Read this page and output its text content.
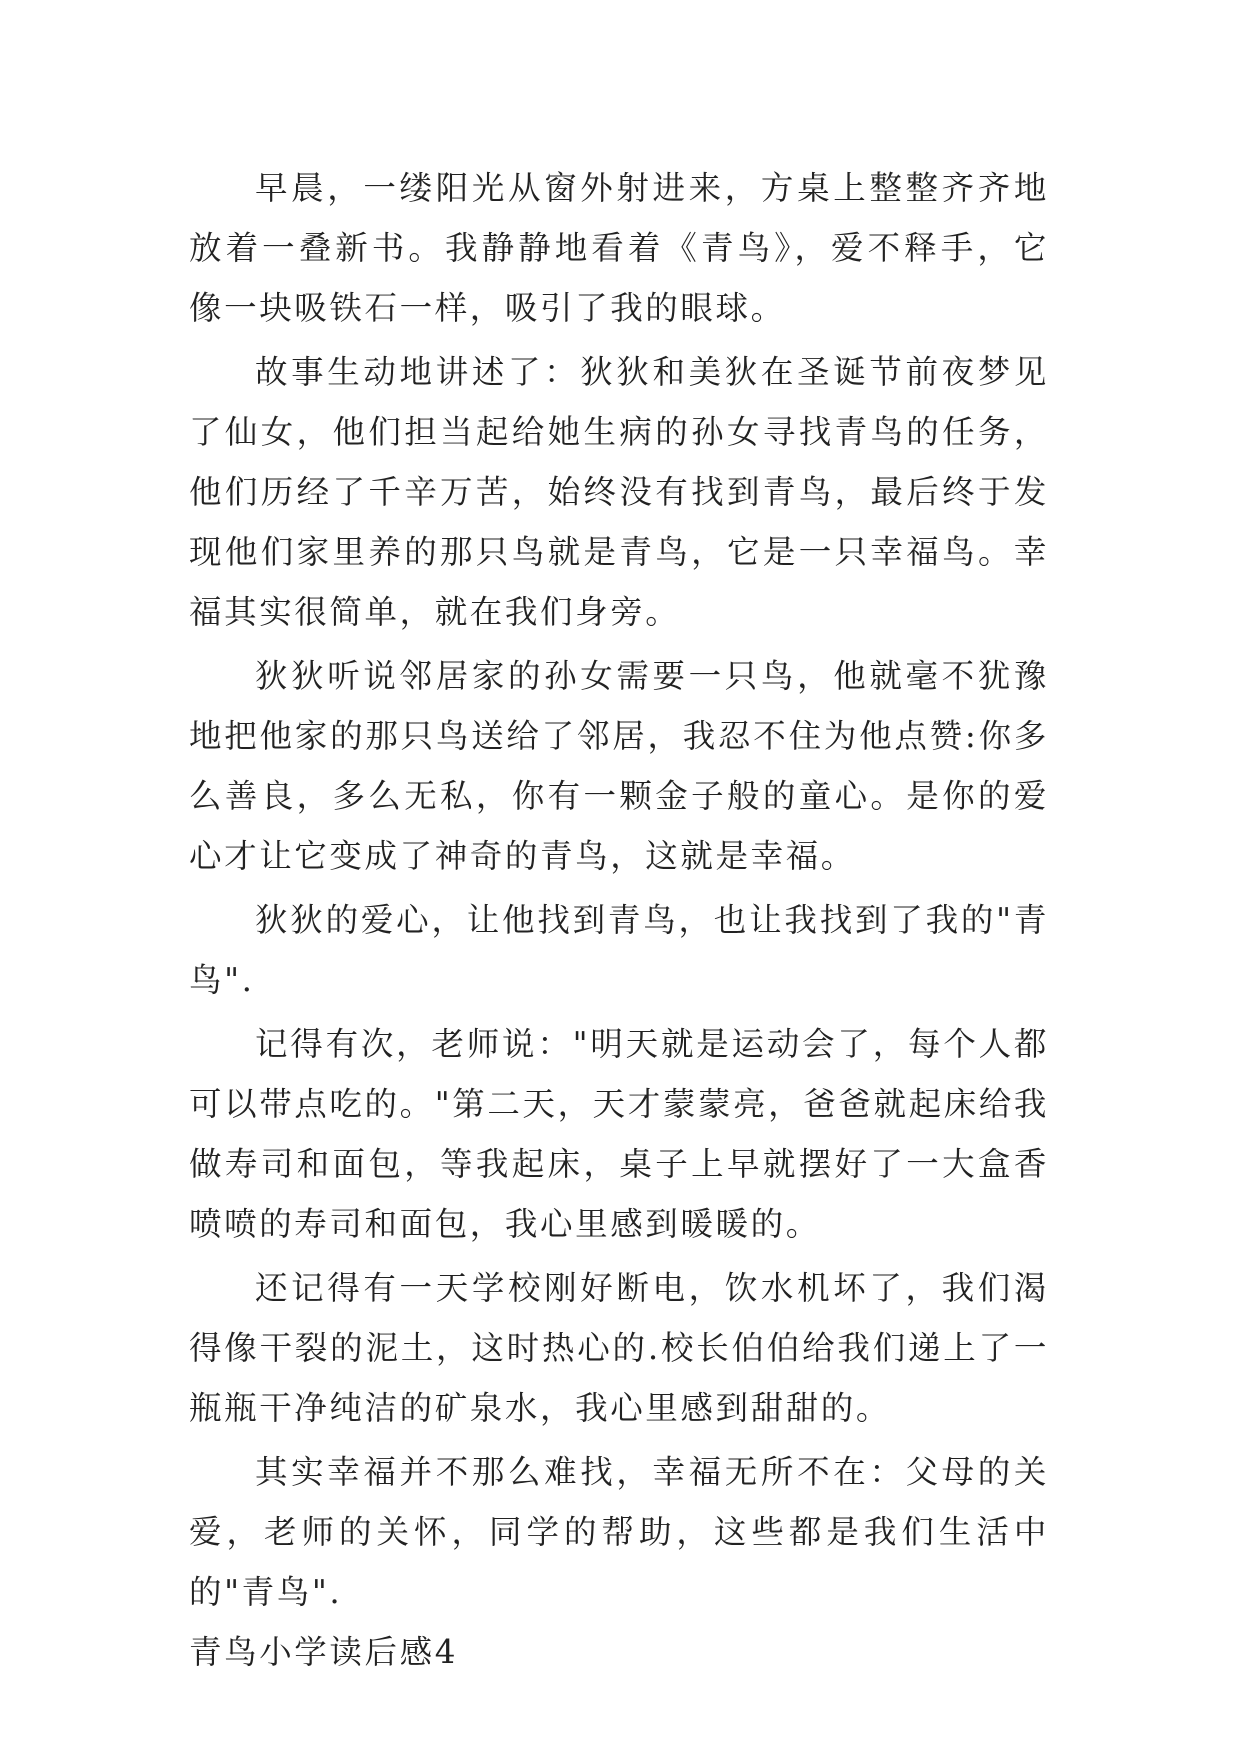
早晨，一缕阳光从窗外射进来，方桌上整整齐齐地放着一叠新书。我静静地看着《青鸟》，爱不释手，它像一块吸铁石一样，吸引了我的眼球。

故事生动地讲述了：狄狄和美狄在圣诞节前夜梦见了仙女，他们担当起给她生病的孙女寻找青鸟的任务，他们历经了千辛万苦，始终没有找到青鸟，最后终于发现他们家里养的那只鸟就是青鸟，它是一只幸福鸟。幸福其实很简单，就在我们身旁。

狄狄听说邻居家的孙女需要一只鸟，他就毫不犹豫地把他家的那只鸟送给了邻居，我忍不住为他点赞:你多么善良，多么无私，你有一颗金子般的童心。是你的爱心才让它变成了神奇的青鸟，这就是幸福。

狄狄的爱心，让他找到青鸟，也让我找到了我的"青鸟".

记得有次，老师说："明天就是运动会了，每个人都可以带点吃的。"第二天，天才蒙蒙亮，爸爸就起床给我做寿司和面包，等我起床，桌子上早就摆好了一大盒香喷喷的寿司和面包，我心里感到暖暖的。

还记得有一天学校刚好断电，饮水机坏了，我们渴得像干裂的泥土，这时热心的.校长伯伯给我们递上了一瓶瓶干净纯洁的矿泉水，我心里感到甜甜的。

其实幸福并不那么难找，幸福无所不在：父母的关爱，老师的关怀，同学的帮助，这些都是我们生活中的"青鸟".

青鸟小学读后感4
